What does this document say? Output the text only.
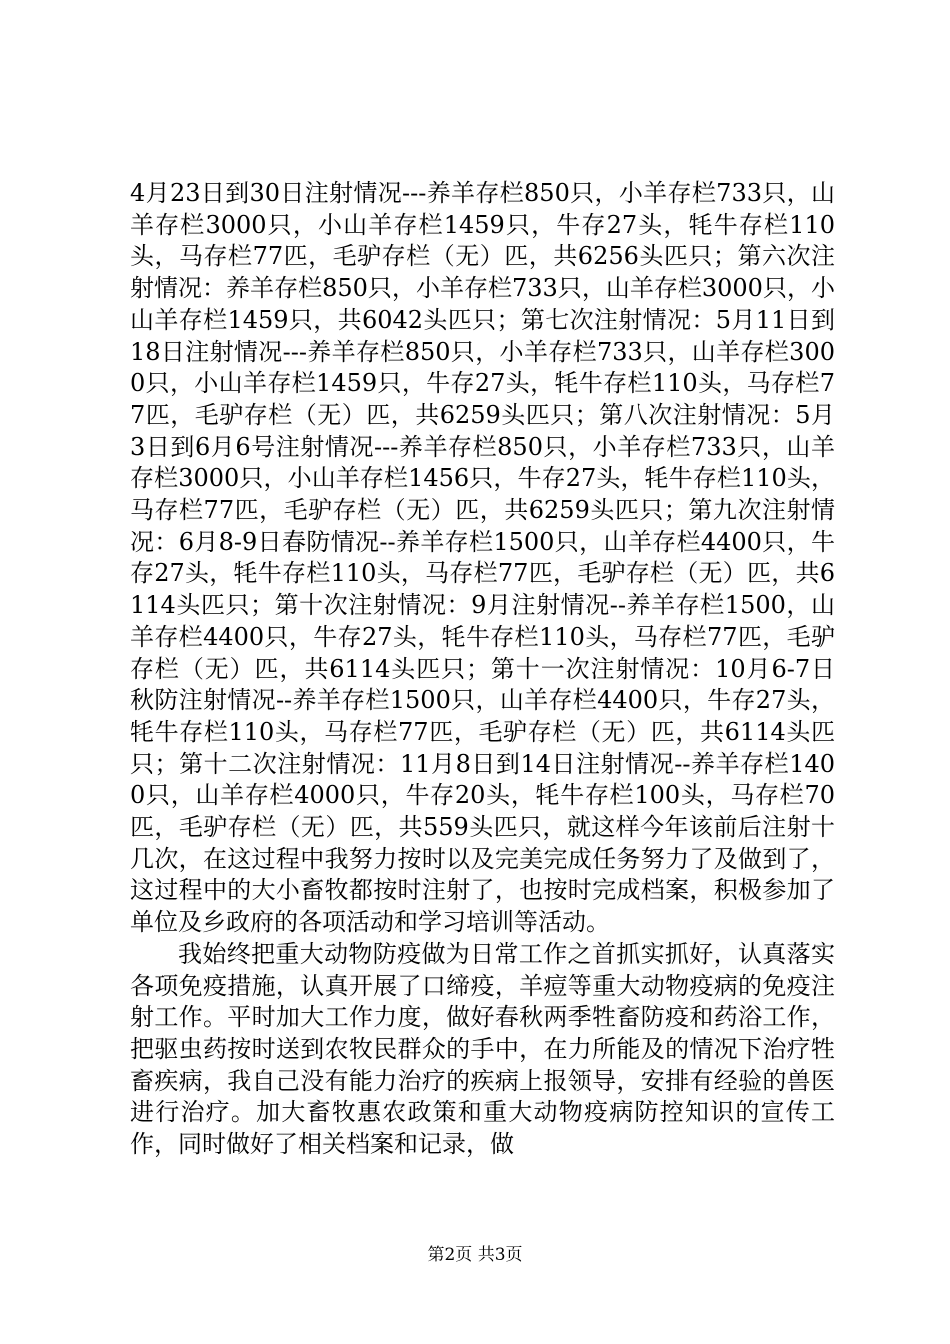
4月23日到30日注射情况---养羊存栏850只，小羊存栏733只，山羊存栏3000只，小山羊存栏1459只，牛存27头，牦牛存栏110头，马存栏77匹，毛驴存栏（无）匹，共6256头匹只；第六次注射情况：养羊存栏850只，小羊存栏733只，山羊存栏3000只，小山羊存栏1459只，共6042头匹只；第七次注射情况：5月11日到18日注射情况---养羊存栏850只，小羊存栏733只，山羊存栏3000只，小山羊存栏1459只，牛存27头，牦牛存栏110头，马存栏77匹，毛驴存栏（无）匹，共6259头匹只；第八次注射情况：5月3日到6月6号注射情况---养羊存栏850只，小羊存栏733只，山羊存栏3000只，小山羊存栏1456只，牛存27头，牦牛存栏110头，马存栏77匹，毛驴存栏（无）匹，共6259头匹只；第九次注射情况：6月8-9日春防情况--养羊存栏1500只，山羊存栏4400只，牛存27头，牦牛存栏110头，马存栏77匹，毛驴存栏（无）匹，共6114头匹只；第十次注射情况：9月注射情况--养羊存栏1500，山羊存栏4400只，牛存27头，牦牛存栏110头，马存栏77匹，毛驴存栏（无）匹，共6114头匹只；第十一次注射情况：10月6-7日秋防注射情况--养羊存栏1500只，山羊存栏4400只，牛存27头，牦牛存栏110头，马存栏77匹，毛驴存栏（无）匹，共6114头匹只；第十二次注射情况：11月8日到14日注射情况--养羊存栏1400只，山羊存栏4000只，牛存20头，牦牛存栏100头，马存栏70匹，毛驴存栏（无）匹，共559头匹只，就这样今年该前后注射十几次，在这过程中我努力按时以及完美完成任务努力了及做到了，这过程中的大小畜牧都按时注射了，也按时完成档案，积极参加了单位及乡政府的各项活动和学习培训等活动。

我始终把重大动物防疫做为日常工作之首抓实抓好，认真落实各项免疫措施，认真开展了口缔疫，羊痘等重大动物疫病的免疫注射工作。平时加大工作力度，做好春秋两季牲畜防疫和药浴工作，把驱虫药按时送到农牧民群众的手中，在力所能及的情况下治疗牲畜疾病，我自己没有能力治疗的疾病上报领导，安排有经验的兽医进行治疗。加大畜牧惠农政策和重大动物疫病防控知识的宣传工作，同时做好了相关档案和记录，做

第2页 共3页
